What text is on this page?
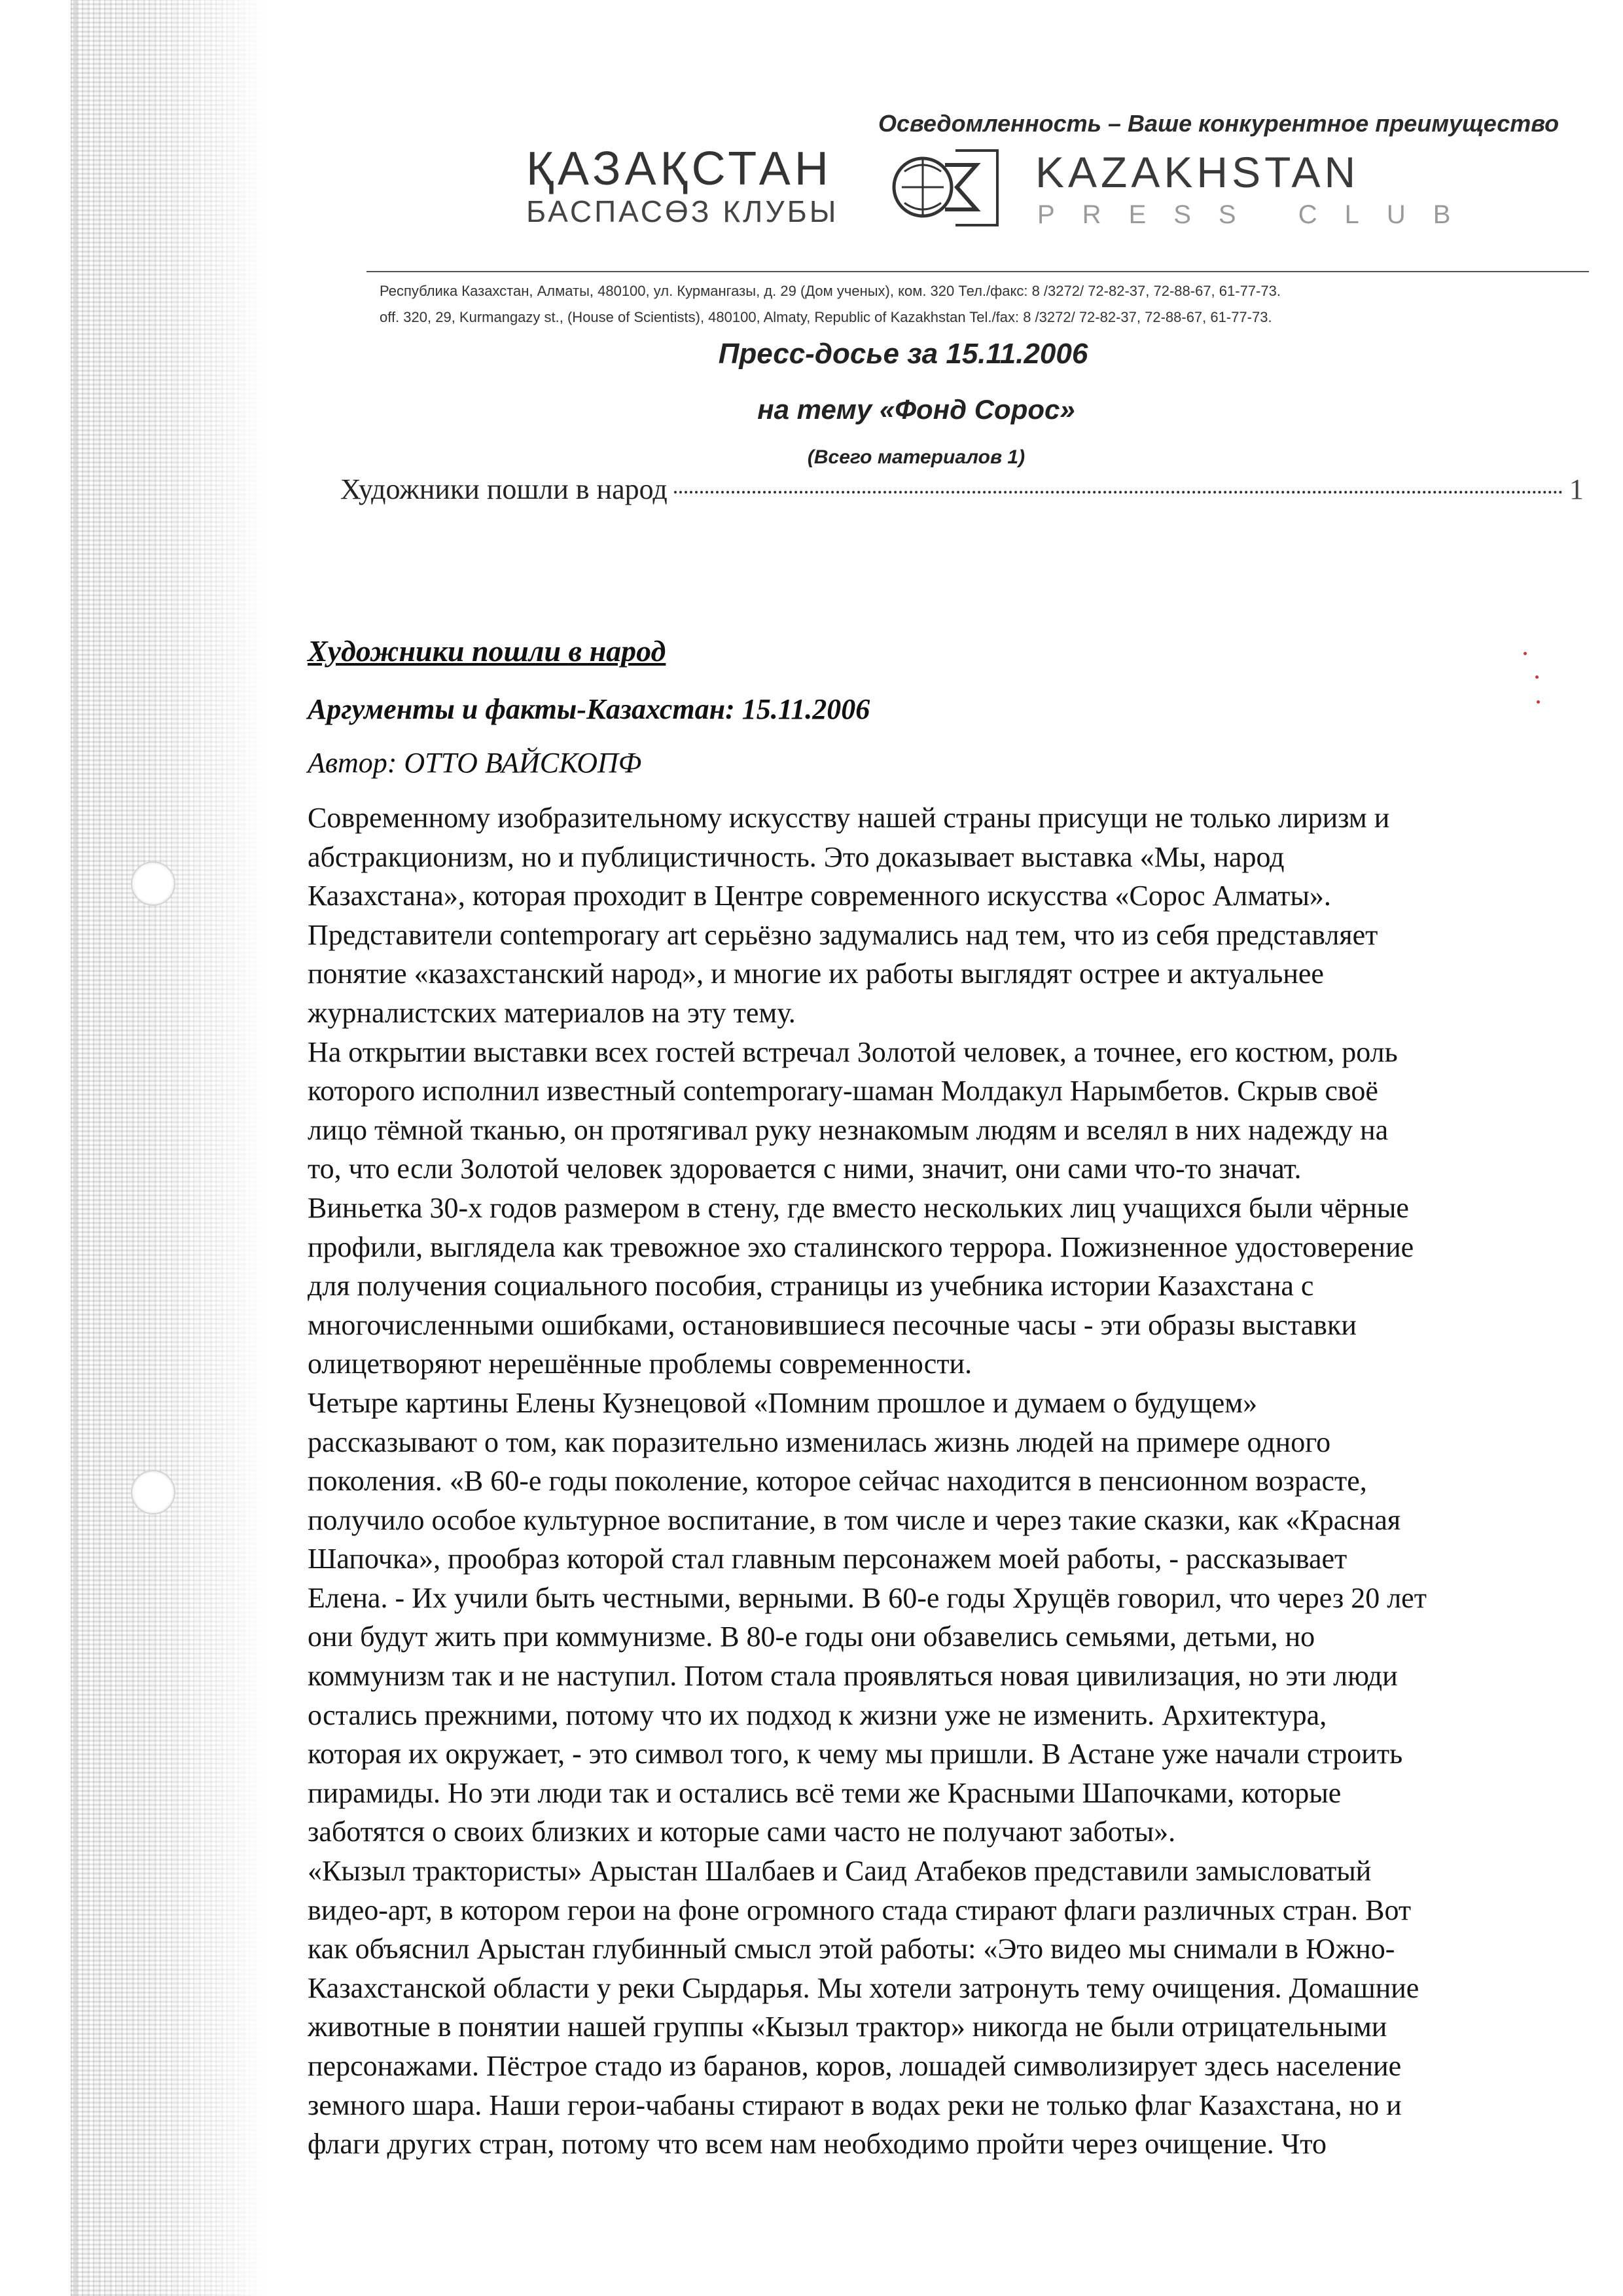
Осведомленность – Ваше конкурентное преимущество
ҚАЗАҚСТАН
БАСПАСӨЗ КЛУБЫ
KAZAKHSTAN
PRESS CLUB
Республика Казахстан, Алматы, 480100, ул. Курмангазы, д. 29 (Дом ученых), ком. 320 Тел./факс: 8 /3272/ 72-82-37, 72-88-67, 61-77-73.
off. 320, 29, Kurmangazy st., (House of Scientists), 480100, Almaty, Republic of Kazakhstan Tel./fax: 8 /3272/ 72-82-37, 72-88-67, 61-77-73.
Пресс-досье за 15.11.2006
на тему «Фонд Сорос»
(Всего материалов 1)
Художники пошли в народ	1
Художники пошли в народ
Аргументы и факты-Казахстан: 15.11.2006
Автор: ОТТО ВАЙСКОПФ
Современному изобразительному искусству нашей страны присущи не только лиризм и
абстракционизм, но и публицистичность. Это доказывает выставка «Мы, народ
Казахстана», которая проходит в Центре современного искусства «Сорос Алматы».
Представители contemporary art серьёзно задумались над тем, что из себя представляет
понятие «казахстанский народ», и многие их работы выглядят острее и актуальнее
журналистских материалов на эту тему.
На открытии выставки всех гостей встречал Золотой человек, а точнее, его костюм, роль
которого исполнил известный contemporary-шаман Молдакул Нарымбетов. Скрыв своё
лицо тёмной тканью, он протягивал руку незнакомым людям и вселял в них надежду на
то, что если Золотой человек здоровается с ними, значит, они сами что-то значат.
Виньетка 30-х годов размером в стену, где вместо нескольких лиц учащихся были чёрные
профили, выглядела как тревожное эхо сталинского террора. Пожизненное удостоверение
для получения социального пособия, страницы из учебника истории Казахстана с
многочисленными ошибками, остановившиеся песочные часы - эти образы выставки
олицетворяют нерешённые проблемы современности.
Четыре картины Елены Кузнецовой «Помним прошлое и думаем о будущем»
рассказывают о том, как поразительно изменилась жизнь людей на примере одного
поколения. «В 60-е годы поколение, которое сейчас находится в пенсионном возрасте,
получило особое культурное воспитание, в том числе и через такие сказки, как «Красная
Шапочка», прообраз которой стал главным персонажем моей работы, - рассказывает
Елена. - Их учили быть честными, верными. В 60-е годы Хрущёв говорил, что через 20 лет
они будут жить при коммунизме. В 80-е годы они обзавелись семьями, детьми, но
коммунизм так и не наступил. Потом стала проявляться новая цивилизация, но эти люди
остались прежними, потому что их подход к жизни уже не изменить. Архитектура,
которая их окружает, - это символ того, к чему мы пришли. В Астане уже начали строить
пирамиды. Но эти люди так и остались всё теми же Красными Шапочками, которые
заботятся о своих близких и которые сами часто не получают заботы».
«Кызыл трактористы» Арыстан Шалбаев и Саид Атабеков представили замысловатый
видео-арт, в котором герои на фоне огромного стада стирают флаги различных стран. Вот
как объяснил Арыстан глубинный смысл этой работы: «Это видео мы снимали в Южно-
Казахстанской области у реки Сырдарья. Мы хотели затронуть тему очищения. Домашние
животные в понятии нашей группы «Кызыл трактор» никогда не были отрицательными
персонажами. Пёстрое стадо из баранов, коров, лошадей символизирует здесь население
земного шара. Наши герои-чабаны стирают в водах реки не только флаг Казахстана, но и
флаги других стран, потому что всем нам необходимо пройти через очищение. Что
